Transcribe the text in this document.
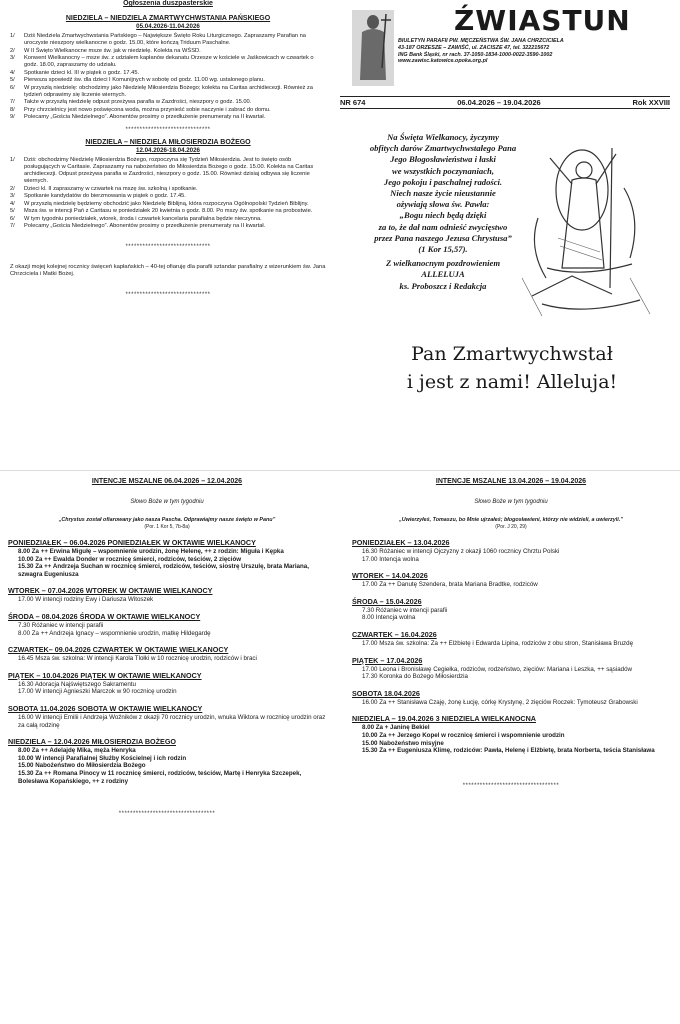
Ogłoszenia duszpasterskie
NIEDZIELA – NIEDZIELA ZMARTWYCHWSTANIA PAŃSKIEGO
05.04.2026-11.04.2026
1/	Dziś Niedziela Zmartwychwstania Pańskiego – Największe Święto Roku Liturgicznego. Zapraszamy Parafian na uroczyste nieszpory wielkanocne o godz. 15.00, które kończą Triduum Paschalne.
2/	W II Święto Wielkanocne msze św. jak w niedzielę. Kolekta na WŚSD.
3/	Konwent Wielkanocny – msze św. z udziałem kapłanów dekanatu Orzesze w kościele w Jaśkowicach w czwartek o godz. 18.00, zapraszamy do udziału.
4/	Spotkanie dzieci kl. III w piątek o godz. 17.45.
5/	Pierwsza spowiedź św. dla dzieci I Komunijnych w sobotę od godz. 11.00 wg. ustalonego planu.
6/	W przyszłą niedzielę: obchodzimy jako Niedzielę Miłosierdzia Bożego; kolekta na Caritas archidiecezji. Również za tydzień odprawimy się liczenie wiernych.
7/	Także w przyszłą niedzielę odpust przeżywa parafia w Zazdrości, nieszpory o godz. 15.00.
8/	Przy chrzcielnicy jest nowo poświęcona woda, można przynieść sobie naczynie i zabrać do domu.
9/	Polecamy „Gościa Niedzielnego”. Abonentów prosimy o przedłużenie prenumeraty na II kwartał.
******************************
NIEDZIELA – NIEDZIELA MIŁOSIERDZIA BOŻEGO
12.04.2026-18.04.2026
1/	Dziś: obchodzimy Niedzielę Miłosierdzia Bożego, rozpoczyna się Tydzień Miłosierdzia. Jest to święto osób posługujących w Caritasie. Zapraszamy na nabożeństwo do Miłosierdzia Bożego o godz. 15.00. Kolekta na Caritas archidiecezji. Odpust przeżywa parafia w Zazdrości, nieszpory o godz. 15.00. Również dzisiaj odbywa się liczenie wiernych.
2/	Dzieci kl. II zapraszamy w czwartek na mszę św. szkolną i spotkanie.
3/	Spotkanie kandydatów do bierzmowania w piątek o godz. 17.45.
4/	W przyszłą niedzielę będziemy obchodzić jako Niedzielę Biblijną, która rozpoczyna Ogólnopolski Tydzień Biblijny.
5/	Msza św. w intencji Pań z Caritasu w poniedziałek 20 kwietnia o godz. 8.00. Po mszy św. spotkanie na probostwie.
6/	W tym tygodniu poniedziałek, wtorek, środa i czwartek kancelaria parafialna będzie nieczynna.
7/	Polecamy „Gościa Niedzielnego”. Abonentów prosimy o przedłużenie prenumeraty na II kwartał.
******************************
Z okazji mojej kolejnej rocznicy święceń kapłańskich – 40-tej ofiaruję dla parafii sztandar parafialny z wizerunkiem św. Jana Chrzciciela i Matki Bożej.
******************************
ŹWIASTUN
BIULETYN PARAFII PW. MĘCZEŃSTWA ŚW. JANA CHRZCICIELA
43-187 ORZESZE – ZAWIŚĆ, ul. ZACISZE 47, tel. 322215672
ING Bank Śląski, nr rach. 37-1050-1834-1000-0022-3590-1002
www.zawisc.katowice.opoka.org.pl
NR 674	06.04.2026 – 19.04.2026	Rok XXVIII
Na Święta Wielkanocy, życzymy
obfitych darów Zmartwychwstałego Pana
Jego Błogosławieństwa i łaski
we wszystkich poczynaniach,
Jego pokoju i paschalnej radości.
Niech nasze życie nieustannie
ożywiają słowa św. Pawła:
„Bogu niech będą dzięki
za to, że dał nam odnieść zwycięstwo
przez Pana naszego Jezusa Chrystusa”
(1 Kor 15,57).
Z wielkanocnym pozdrowieniem
ALLELUJA
ks. Proboszcz i Redakcja
Pan Zmartwychwstał
i jest z nami! Alleluja!
INTENCJE MSZALNE 06.04.2026 – 12.04.2026
Słowo Boże w tym tygodniu
„Chrystus został ofiarowany jako nasza Pascha. Odprawiajmy nasze święto w Panu”
(Por. 1 Kor 5, 7b-8a)
PONIEDZIAŁEK – 06.04.2026 PONIEDZIAŁEK W OKTAWIE WIELKANOCY
8.00 Za ++ Erwina Migułę – wspomnienie urodzin, żonę Helenę, ++ z rodzin: Miguła i Kępka
10.00 Za ++ Ewalda Donder w rocznicę śmierci, rodziców, teściów, 2 zięciów
15.30 Za ++ Andrzeja Suchan w rocznicę śmierci, rodziców, teściów, siostrę Urszulę, brata Mariana, szwagra Eugeniusza
WTOREK – 07.04.2026 WTOREK W OKTAWIE WIELKANOCY
17.00 W intencji rodziny Ewy i Dariusza Witoszek
ŚRODA – 08.04.2026 ŚRODA W OKTAWIE WIELKANOCY
7.30 Różaniec w intencji parafii
8.00 Za ++ Andrzeja Ignacy – wspomnienie urodzin, matkę Hildegardę
CZWARTEK– 09.04.2026 CZWARTEK W OKTAWIE WIELKANOCY
16.45 Msza św. szkolna: W intencji Karola Tlołki w 10 rocznicę urodzin, rodziców i braci
PIĄTEK – 10.04.2026 PIĄTEK W OKTAWIE WIELKANOCY
16.30 Adoracja Najświętszego Sakramentu
17.00 W intencji Agnieszki Marczok w 90 rocznicę urodzin
SOBOTA 11.04.2026 SOBOTA W OKTAWIE WIELKANOCY
16.00 W intencji Emilii i Andrzeja Woźników z okazji 70 rocznicy urodzin, wnuka Wiktora w rocznicę urodzin oraz za całą rodzinę
NIEDZIELA – 12.04.2026 MIŁOSIERDZIA BOŻEGO
8.00 Za ++ Adelajdę Mika, męża Henryka
10.00 W intencji Parafialnej Służby Kościelnej i ich rodzin
15.00 Nabożeństwo do Miłosierdzia Bożego
15.30 Za ++ Romana Pinocy w 11 rocznicę śmierci, rodziców, teściów, Martę i Henryka Szczepek, Bolesława Kopańskiego, ++ z rodziny
**********************************
INTENCJE MSZALNE 13.04.2026 – 19.04.2026
Słowo Boże w tym tygodniu
„Uwierzyłeś, Tomaszu, bo Mnie ujrzałeś; błogosławieni, którzy nie widzieli, a uwierzyli.”
(Por. J 20, 29)
PONIEDZIAŁEK – 13.04.2026
16.30 Różaniec w intencji Ojczyzny z okazji 1060 rocznicy Chrztu Polski
17.00 Intencja wolna
WTOREK – 14.04.2026
17.00 Za ++ Danutę Szendera, brata Mariana Bradtke, rodziców
ŚRODA – 15.04.2026
7.30 Różaniec w intencji parafii
8.00 Intencja wolna
CZWARTEK – 16.04.2026
17.00 Msza św. szkolna: Za ++ Elżbietę i Edwarda Lipina, rodziców z obu stron, Stanisława Bruzdę
PIĄTEK – 17.04.2026
17.00 Leona i Bronisławę Cegiełka, rodziców, rodzeństwo, zięciów: Mariana i Leszka, ++ sąsiadów
17.30 Koronka do Bożego Miłosierdzia
SOBOTA 18.04.2026
16.00 Za ++ Stanisława Czaję, żonę Łucję, córkę Krystynę, 2 zięciów Roczek: Tymoteusz Grabowski
NIEDZIELA – 19.04.2026 3 NIEDZIELA WIELKANOCNA
8.00 Za + Janinę Bekiel
10.00 Za ++ Jerzego Kopel w rocznicę śmierci i wspomnienie urodzin
15.00 Nabożeństwo misyjne
15.30 Za ++ Eugeniusza Klimę, rodziców: Pawła, Helenę i Elżbietę, brata Norberta, teścia Stanisława
**********************************
